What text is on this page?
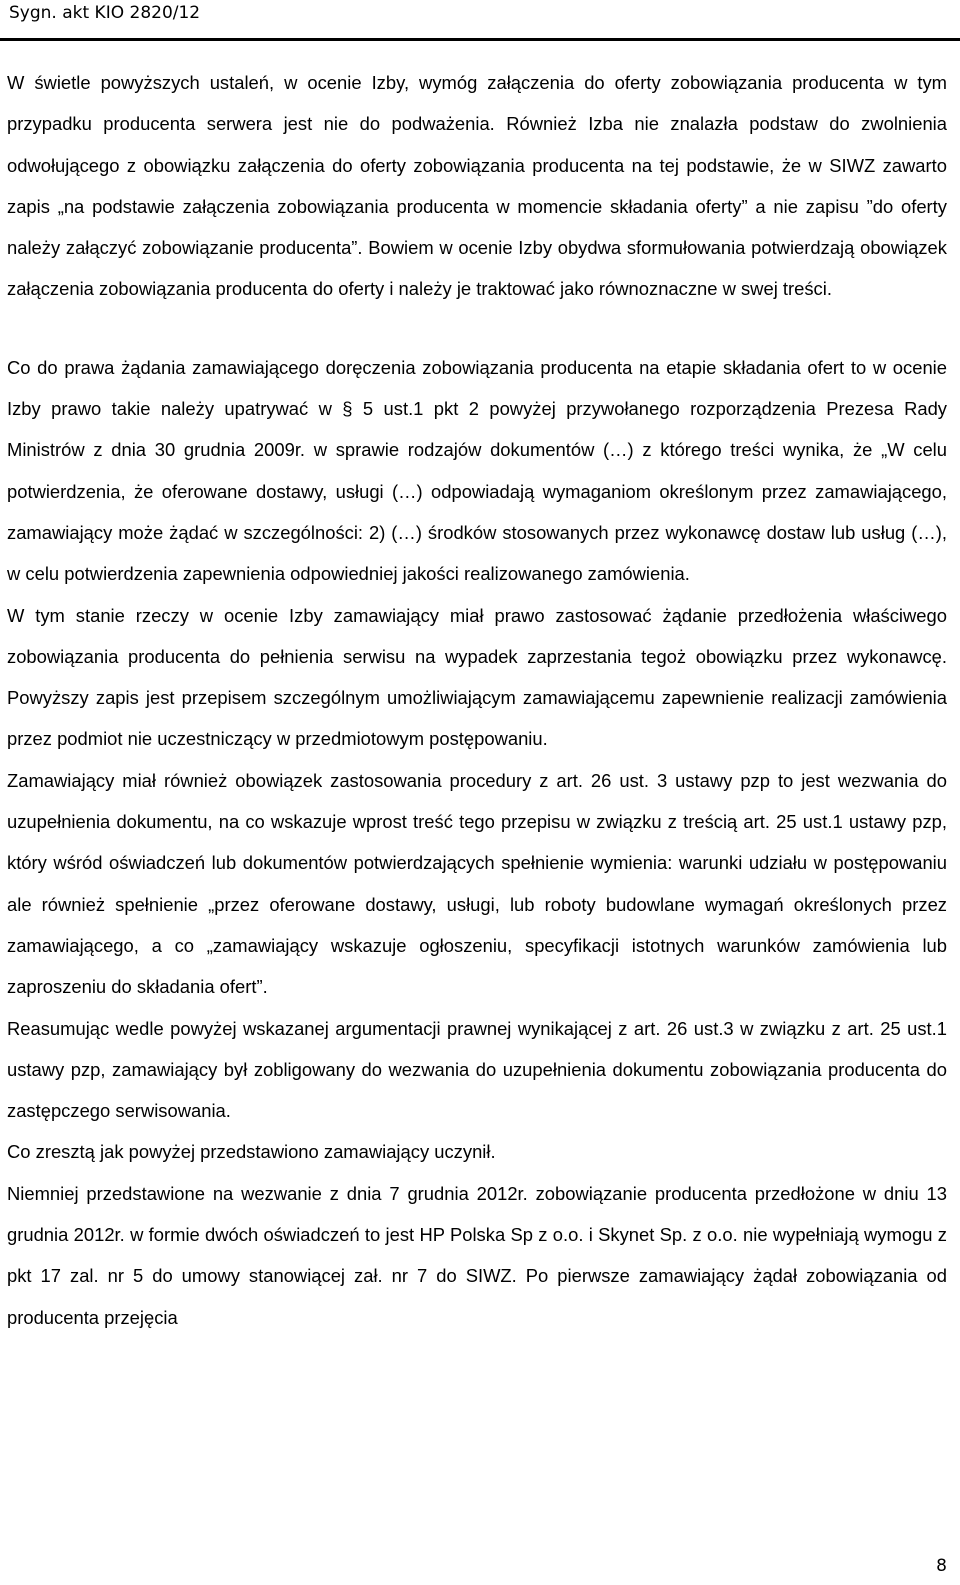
Sygn. akt KIO 2820/12

W świetle powyższych ustaleń, w ocenie Izby, wymóg załączenia do oferty zobowiązania producenta w tym przypadku producenta serwera jest nie do podważenia. Również Izba nie znalazła podstaw do zwolnienia odwołującego z obowiązku załączenia do oferty zobowiązania producenta na tej podstawie, że w SIWZ zawarto zapis „na podstawie załączenia zobowiązania producenta w momencie składania oferty” a nie zapisu ”do oferty należy załączyć zobowiązanie producenta”. Bowiem w ocenie Izby obydwa sformułowania potwierdzają obowiązek załączenia zobowiązania producenta do oferty i należy je traktować jako równoznaczne w swej treści.

Co do prawa żądania zamawiającego doręczenia zobowiązania producenta na etapie składania ofert to w ocenie Izby prawo takie należy upatrywać w § 5 ust.1 pkt 2 powyżej przywołanego rozporządzenia Prezesa Rady Ministrów z dnia 30 grudnia 2009r. w sprawie rodzajów dokumentów (…) z którego treści wynika, że „W celu potwierdzenia, że oferowane dostawy, usługi (…) odpowiadają wymaganiom określonym przez zamawiającego, zamawiający może żądać w szczególności: 2) (…) środków stosowanych przez wykonawcę dostaw lub usług (…), w celu potwierdzenia zapewnienia odpowiedniej jakości realizowanego zamówienia.

W tym stanie rzeczy w ocenie Izby zamawiający miał prawo zastosować żądanie przedłożenia właściwego zobowiązania producenta do pełnienia serwisu na wypadek zaprzestania tegoż obowiązku przez wykonawcę. Powyższy zapis jest przepisem szczególnym umożliwiającym zamawiającemu zapewnienie realizacji zamówienia przez podmiot nie uczestniczący w przedmiotowym postępowaniu.

Zamawiający miał również obowiązek zastosowania procedury z art. 26 ust. 3 ustawy pzp to jest wezwania do uzupełnienia dokumentu, na co wskazuje wprost treść tego przepisu w związku z treścią art. 25 ust.1 ustawy pzp, który wśród oświadczeń lub dokumentów potwierdzających spełnienie wymienia: warunki udziału w postępowaniu ale również spełnienie „przez oferowane dostawy, usługi, lub roboty budowlane wymagań określonych przez zamawiającego, a co „zamawiający wskazuje ogłoszeniu, specyfikacji istotnych warunków zamówienia lub zaproszeniu do składania ofert”.

Reasumując wedle powyżej wskazanej argumentacji prawnej wynikającej z art. 26 ust.3 w związku z art. 25 ust.1 ustawy pzp, zamawiający był zobligowany do wezwania do uzupełnienia dokumentu zobowiązania producenta do zastępczego serwisowania.

Co zresztą jak powyżej przedstawiono zamawiający uczynił.

Niemniej przedstawione na wezwanie z dnia 7 grudnia 2012r. zobowiązanie producenta przedłożone w dniu 13 grudnia 2012r. w formie dwóch oświadczeń to jest HP Polska Sp z o.o. i Skynet Sp. z o.o. nie wypełniają wymogu z pkt 17 zal. nr 5 do umowy stanowiącej zał. nr 7 do SIWZ. Po pierwsze zamawiający żądał zobowiązania od producenta przejęcia

8
